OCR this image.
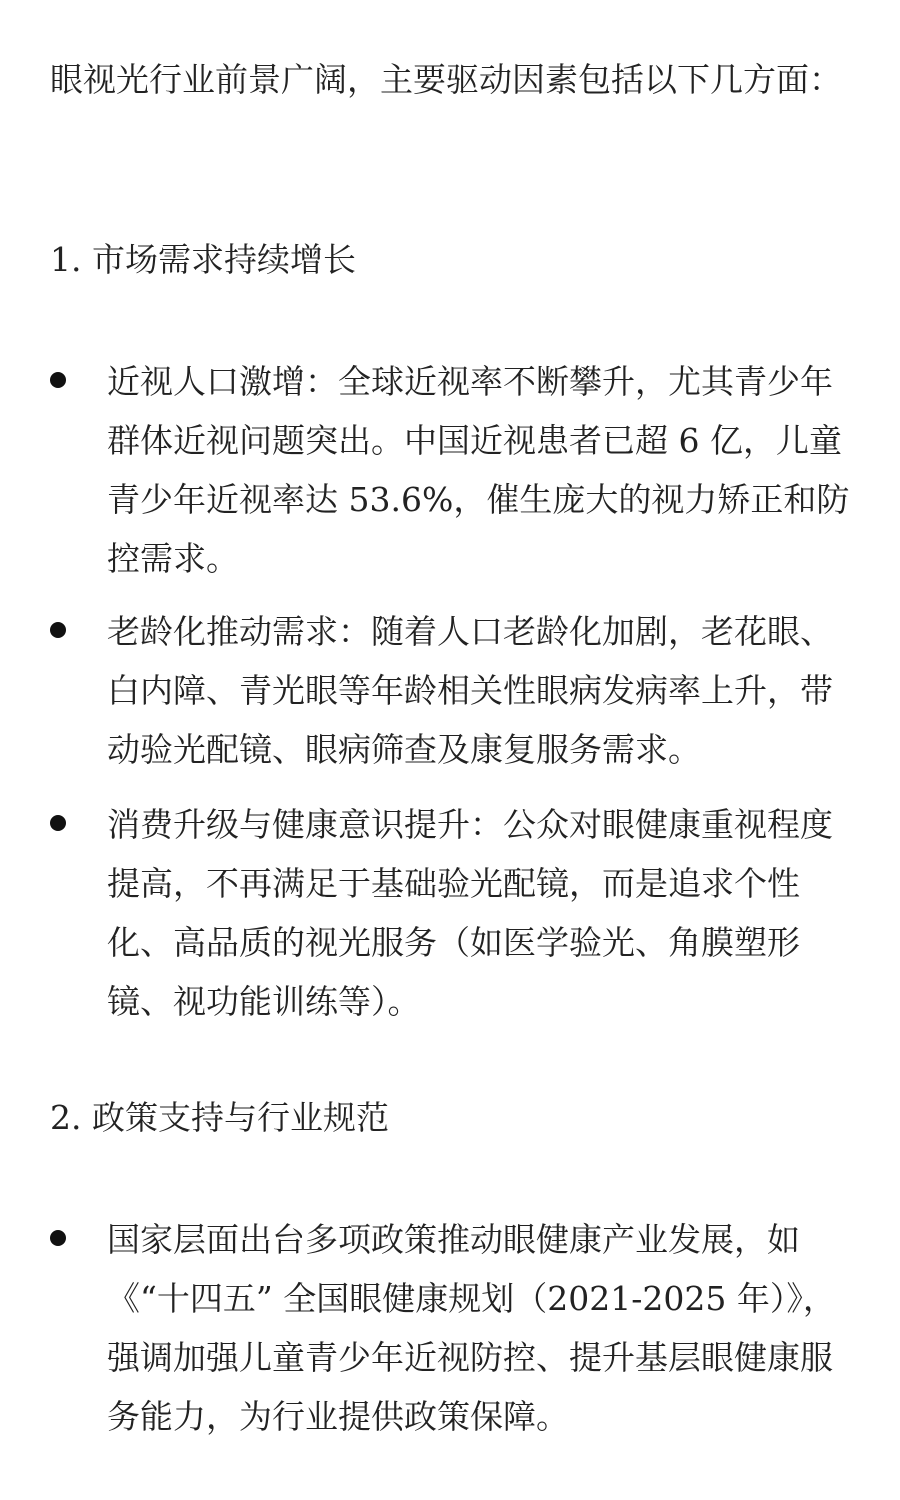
眼视光行业前景广阔，主要驱动因素包括以下几方面：

1. 市场需求持续增长

近视人口激增：全球近视率不断攀升，尤其青少年群体近视问题突出。中国近视患者已超 6 亿，儿童青少年近视率达 53.6%，催生庞大的视力矫正和防控需求。

老龄化推动需求：随着人口老龄化加剧，老花眼、白内障、青光眼等年龄相关性眼病发病率上升，带动验光配镜、眼病筛查及康复服务需求。

消费升级与健康意识提升：公众对眼健康重视程度提高，不再满足于基础验光配镜，而是追求个性化、高品质的视光服务（如医学验光、角膜塑形镜、视功能训练等）。

2. 政策支持与行业规范

国家层面出台多项政策推动眼健康产业发展，如《“十四五” 全国眼健康规划（2021-2025 年）》，强调加强儿童青少年近视防控、提升基层眼健康服务能力，为行业提供政策保障。
